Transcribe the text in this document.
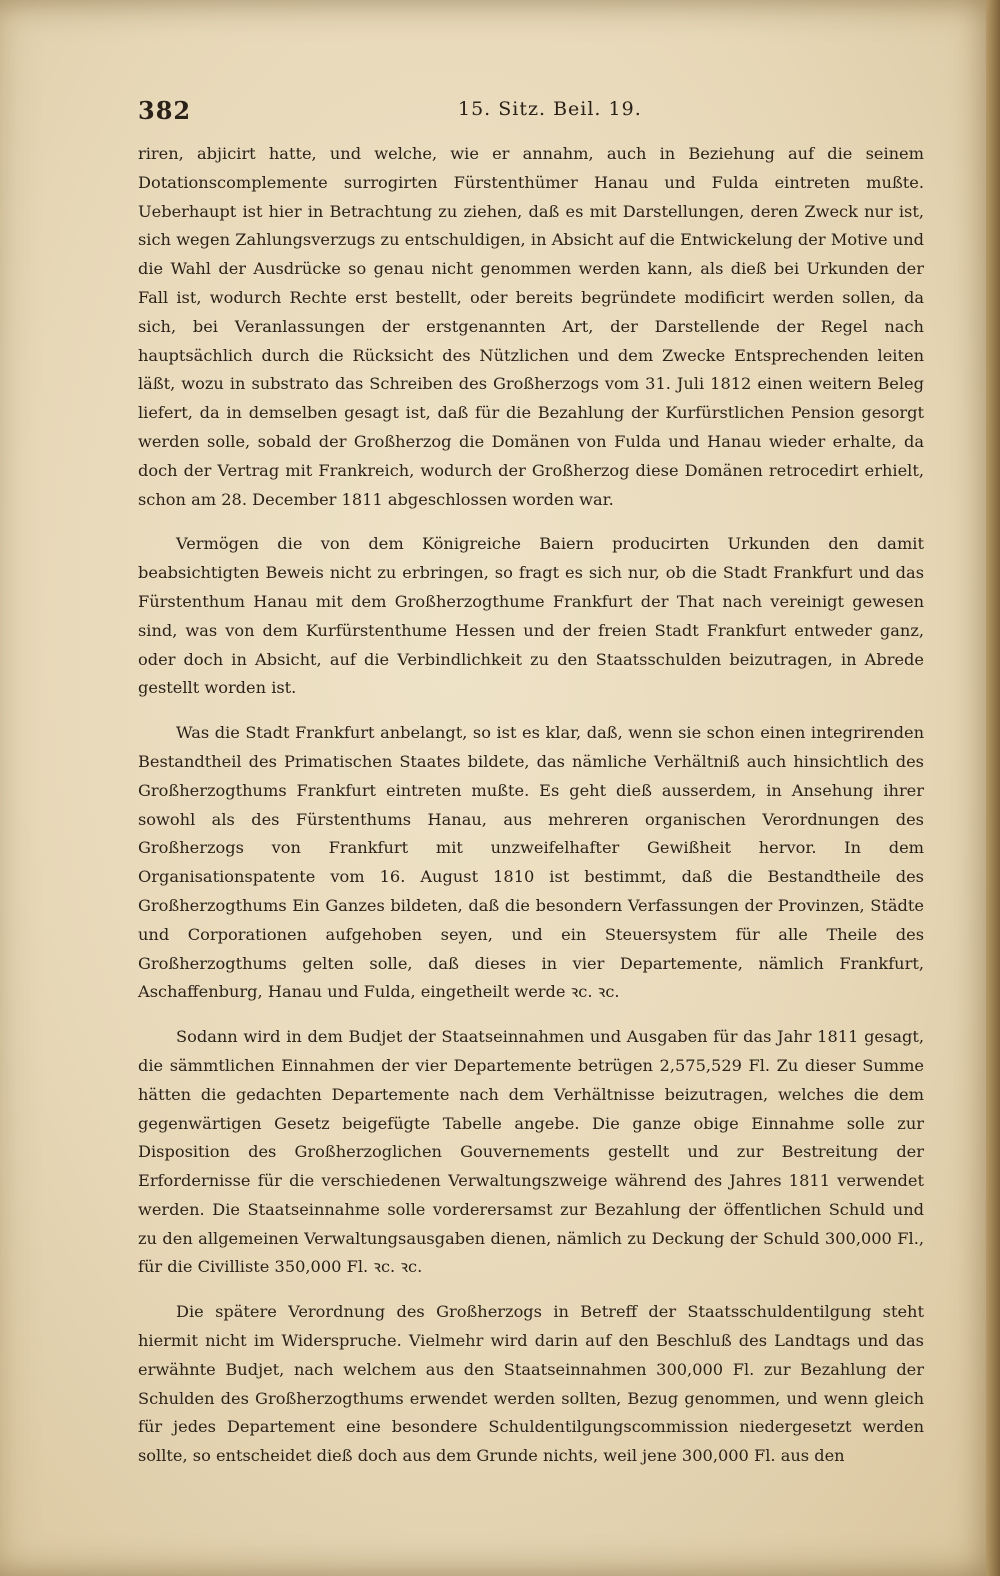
382	15. Sitz. Beil. 19.

riren, abjicirt hatte, und welche, wie er annahm, auch in Beziehung auf die seinem Dotationscomplemente surrogirten Fürstenthümer Hanau und Fulda eintreten mußte. Ueberhaupt ist hier in Betrachtung zu ziehen, daß es mit Darstellungen, deren Zweck nur ist, sich wegen Zahlungsverzugs zu entschuldigen, in Absicht auf die Entwickelung der Motive und die Wahl der Ausdrücke so genau nicht genommen werden kann, als dieß bei Urkunden der Fall ist, wodurch Rechte erst bestellt, oder bereits begründete modificirt werden sollen, da sich, bei Veranlassungen der erstgenannten Art, der Darstellende der Regel nach hauptsächlich durch die Rücksicht des Nützlichen und dem Zwecke Entsprechenden leiten läßt, wozu in substrato das Schreiben des Großherzogs vom 31. Juli 1812 einen weitern Beleg liefert, da in demselben gesagt ist, daß für die Bezahlung der Kurfürstlichen Pension gesorgt werden solle, sobald der Großherzog die Domänen von Fulda und Hanau wieder erhalte, da doch der Vertrag mit Frankreich, wodurch der Großherzog diese Domänen retrocedirt erhielt, schon am 28. December 1811 abgeschlossen worden war.

Vermögen die von dem Königreiche Baiern producirten Urkunden den damit beabsichtigten Beweis nicht zu erbringen, so fragt es sich nur, ob die Stadt Frankfurt und das Fürstenthum Hanau mit dem Großherzogthume Frankfurt der That nach vereinigt gewesen sind, was von dem Kurfürstenthume Hessen und der freien Stadt Frankfurt entweder ganz, oder doch in Absicht, auf die Verbindlichkeit zu den Staatsschulden beizutragen, in Abrede gestellt worden ist.

Was die Stadt Frankfurt anbelangt, so ist es klar, daß, wenn sie schon einen integrirenden Bestandtheil des Primatischen Staates bildete, das nämliche Verhältniß auch hinsichtlich des Großherzogthums Frankfurt eintreten mußte. Es geht dieß ausserdem, in Ansehung ihrer sowohl als des Fürstenthums Hanau, aus mehreren organischen Verordnungen des Großherzogs von Frankfurt mit unzweifelhafter Gewißheit hervor. In dem Organisationspatente vom 16. August 1810 ist bestimmt, daß die Bestandtheile des Großherzogthums Ein Ganzes bildeten, daß die besondern Verfassungen der Provinzen, Städte und Corporationen aufgehoben seyen, und ein Steuersystem für alle Theile des Großherzogthums gelten solle, daß dieses in vier Departemente, nämlich Frankfurt, Aschaffenburg, Hanau und Fulda, eingetheilt werde ꝛc. ꝛc.

Sodann wird in dem Budjet der Staatseinnahmen und Ausgaben für das Jahr 1811 gesagt, die sämmtlichen Einnahmen der vier Departemente betrügen 2,575,529 Fl. Zu dieser Summe hätten die gedachten Departemente nach dem Verhältnisse beizutragen, welches die dem gegenwärtigen Gesetz beigefügte Tabelle angebe. Die ganze obige Einnahme solle zur Disposition des Großherzoglichen Gouvernements gestellt und zur Bestreitung der Erfordernisse für die verschiedenen Verwaltungszweige während des Jahres 1811 verwendet werden. Die Staatseinnahme solle vorderersamst zur Bezahlung der öffentlichen Schuld und zu den allgemeinen Verwaltungsausgaben dienen, nämlich zu Deckung der Schuld 300,000 Fl., für die Civilliste 350,000 Fl. ꝛc. ꝛc.

Die spätere Verordnung des Großherzogs in Betreff der Staatsschuldentilgung steht hiermit nicht im Widerspruche. Vielmehr wird darin auf den Beschluß des Landtags und das erwähnte Budjet, nach welchem aus den Staatseinnahmen 300,000 Fl. zur Bezahlung der Schulden des Großherzogthums erwendet werden sollten, Bezug genommen, und wenn gleich für jedes Departement eine besondere Schuldentilgungscommission niedergesetzt werden sollte, so entscheidet dieß doch aus dem Grunde nichts, weil jene 300,000 Fl. aus den
